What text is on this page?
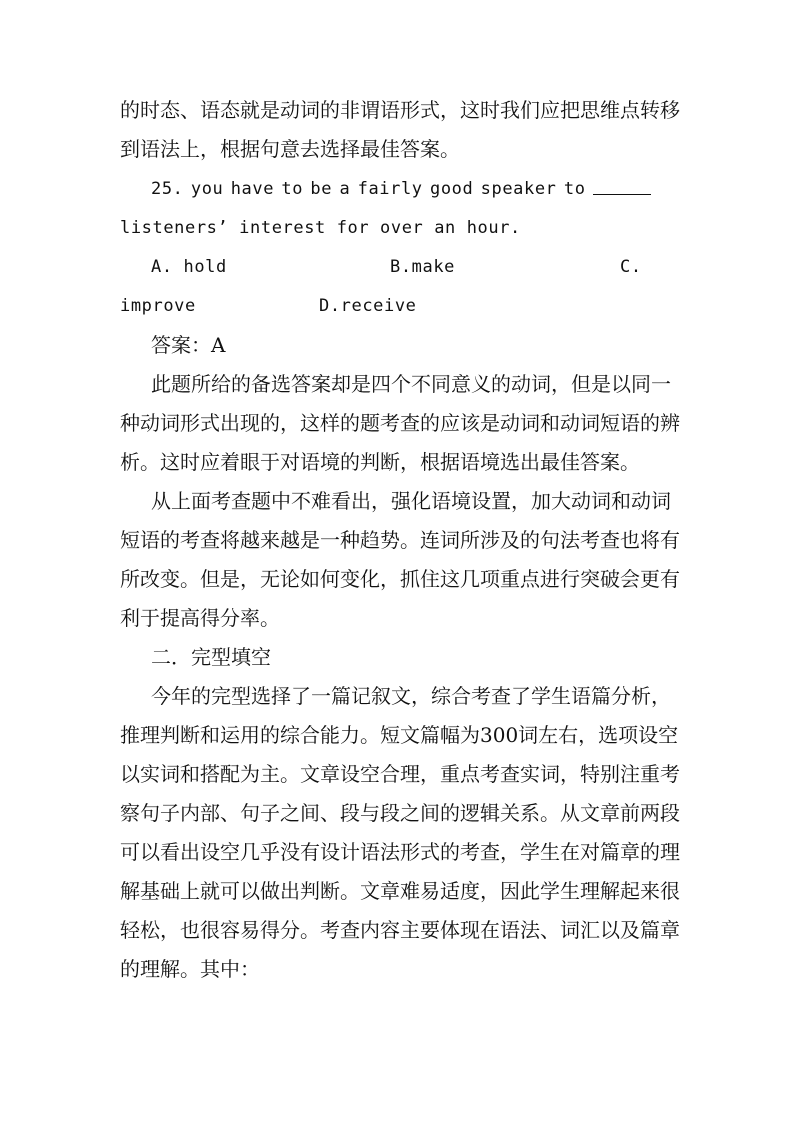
的时态、语态就是动词的非谓语形式，这时我们应把思维点转移
到语法上，根据句意去选择最佳答案。
25. you have to be a fairly good speaker to
listeners’ interest for over an hour.
A. hold	B.make	C.
improve	D.receive
答案：A
此题所给的备选答案却是四个不同意义的动词，但是以同一
种动词形式出现的，这样的题考查的应该是动词和动词短语的辨
析。这时应着眼于对语境的判断，根据语境选出最佳答案。
从上面考查题中不难看出，强化语境设置，加大动词和动词
短语的考查将越来越是一种趋势。连词所涉及的句法考查也将有
所改变。但是，无论如何变化，抓住这几项重点进行突破会更有
利于提高得分率。
二．完型填空
今年的完型选择了一篇记叙文，综合考查了学生语篇分析，
推理判断和运用的综合能力。短文篇幅为300词左右，选项设空
以实词和搭配为主。文章设空合理，重点考查实词，特别注重考
察句子内部、句子之间、段与段之间的逻辑关系。从文章前两段
可以看出设空几乎没有设计语法形式的考查，学生在对篇章的理
解基础上就可以做出判断。文章难易适度，因此学生理解起来很
轻松，也很容易得分。考查内容主要体现在语法、词汇以及篇章
的理解。其中：
